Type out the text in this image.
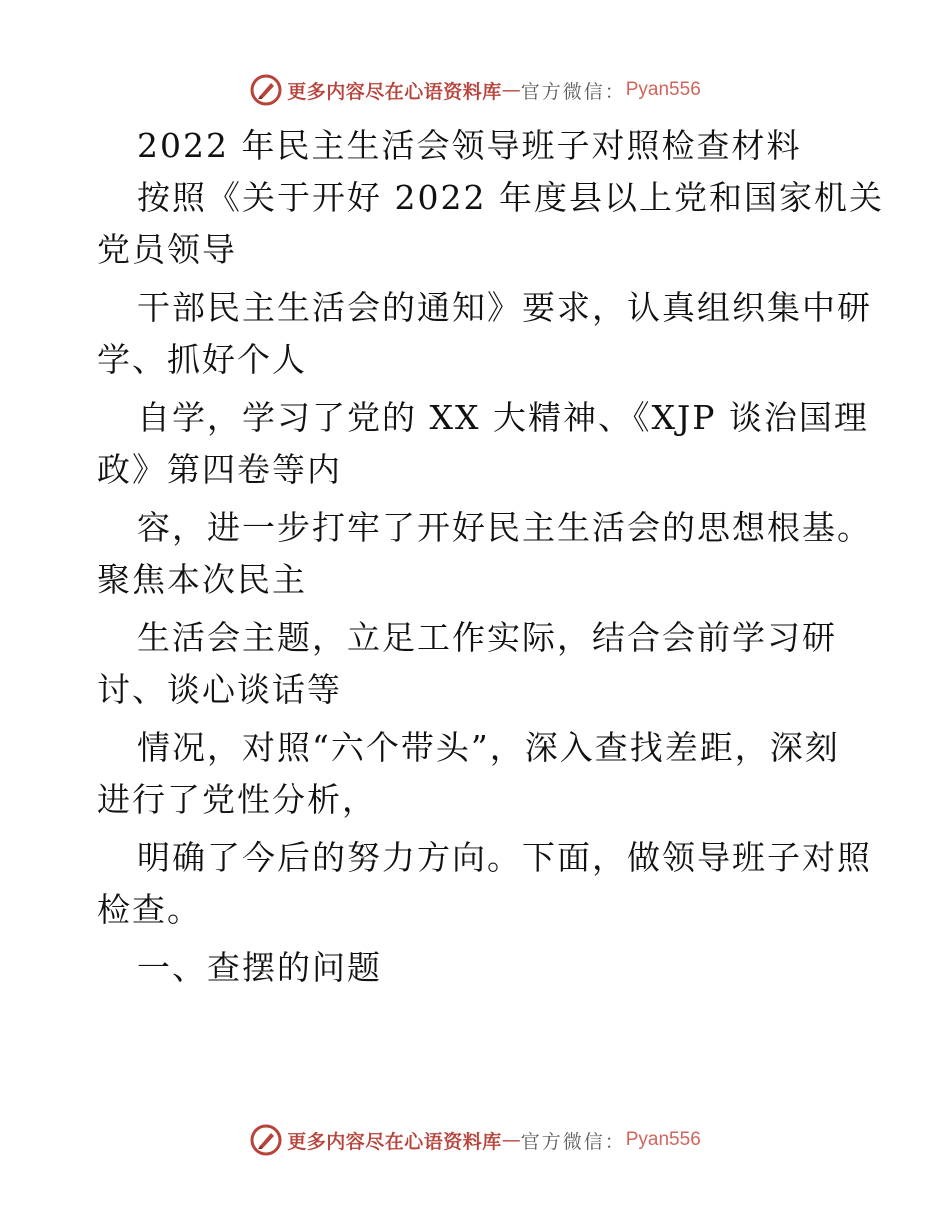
更多内容尽在心语资料库 — 官方微信： Pyan556
2022 年民主生活会领导班子对照检查材料
按照《关于开好 2022 年度县以上党和国家机关
党员领导
干部民主生活会的通知》要求，认真组织集中研
学、抓好个人
自学，学习了党的 XX 大精神、《XJP 谈治国理
政》第四卷等内
容，进一步打牢了开好民主生活会的思想根基。
聚焦本次民主
生活会主题，立足工作实际，结合会前学习研
讨、谈心谈话等
情况，对照“六个带头”，深入查找差距，深刻
进行了党性分析，
明确了今后的努力方向。下面，做领导班子对照
检查。
一、查摆的问题
更多内容尽在心语资料库 — 官方微信： Pyan556
